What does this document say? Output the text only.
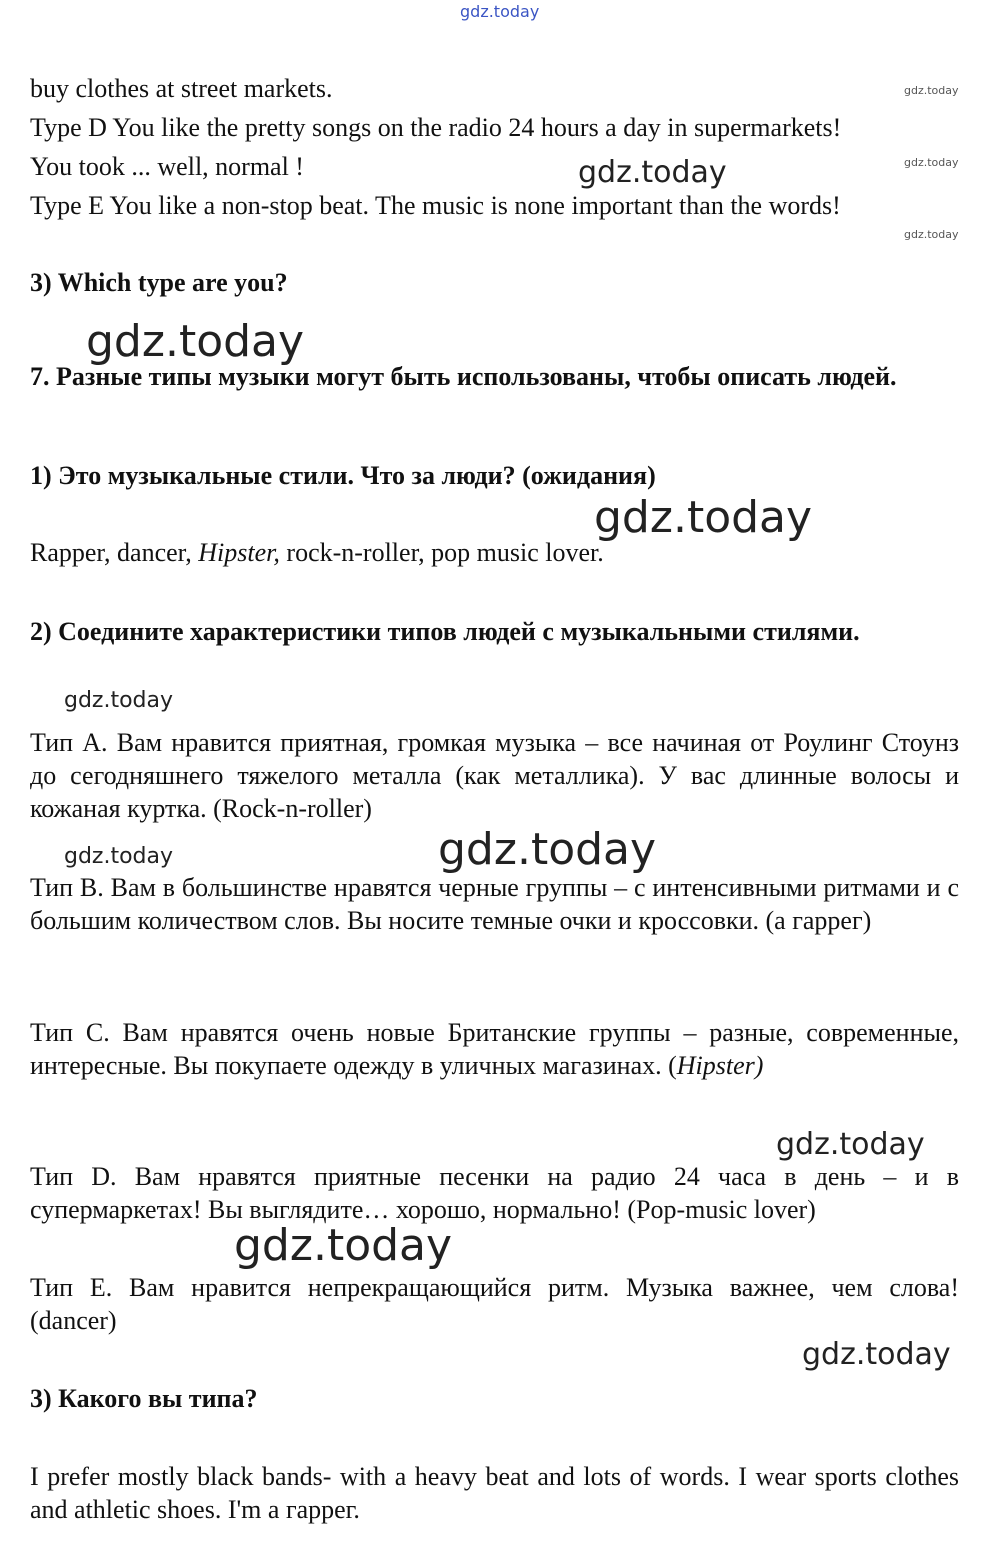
gdz.today
gdz.today
gdz.today
gdz.today
gdz.today
gdz.today
gdz.today
gdz.today
gdz.today	gdz.today
gdz.today
gdz.today
gdz.today
buy clothes at street markets.
Type D You like the pretty songs on the radio 24 hours a day in supermarkets!
You took ... well, normal !
Type E You like a non-stop beat. The music is none important than the words!
3) Which type are you?
7. Разные типы музыки могут быть использованы, чтобы описать людей.
1) Это музыкальные стили. Что за люди? (ожидания)
Rapper, dancer, Hipster, rock-n-roller, pop music lover.
2) Соедините характеристики типов людей с музыкальными стилями.
Тип А. Вам нравится приятная, громкая музыка – все начиная от Роулинг Стоунз до сегодняшнего тяжелого металла (как металлика). У вас длинные волосы и кожаная куртка. (Rock-n-roller)
Тип В. Вам в большинстве нравятся черные группы – с интенсивными ритмами и с большим количеством слов. Вы носите темные очки и кроссовки. (а гаррег)
Тип С. Вам нравятся очень новые Британские группы – разные, современные, интересные. Вы покупаете одежду в уличных магазинах. (Hipster)
Тип D. Вам нравятся приятные песенки на радио 24 часа в день – и в супермаркетах! Вы выглядите… хорошо, нормально! (Pop-music lover)
Тип Е. Вам нравится непрекращающийся ритм. Музыка важнее, чем слова! (dancer)
3) Какого вы типа?
I prefer mostly black bands- with a heavy beat and lots of words. I wear sports clothes and athletic shoes. I'm a гаррег.
